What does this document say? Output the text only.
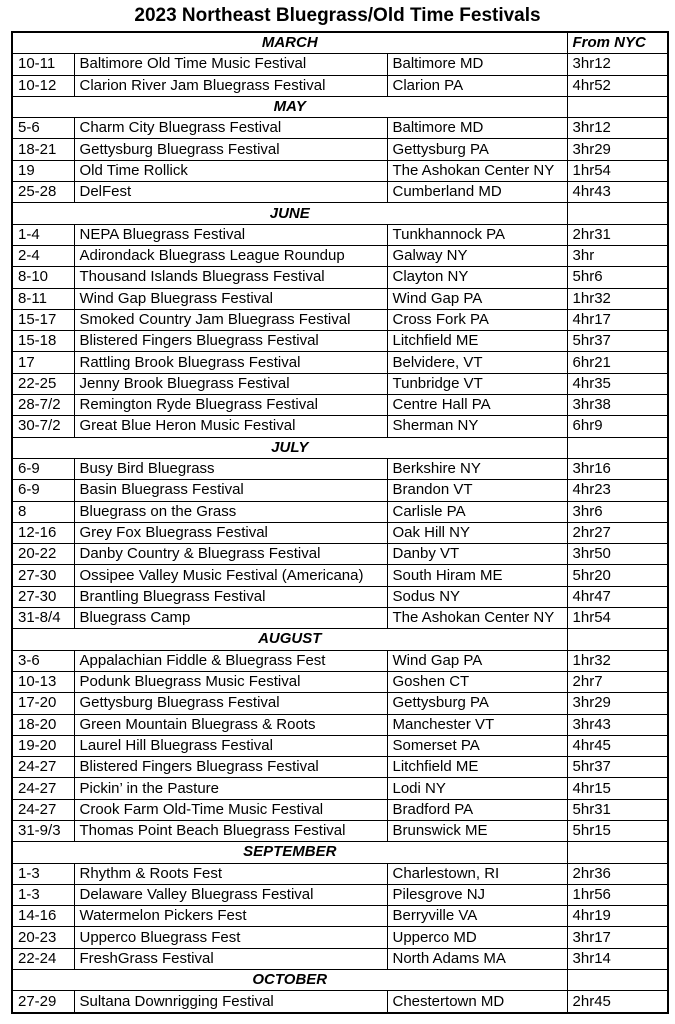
2023 Northeast Bluegrass/Old Time Festivals
MARCH			From NYC
10-11	Baltimore Old Time Music Festival	Baltimore MD	3hr12
10-12	Clarion River Jam Bluegrass Festival	Clarion PA	4hr52
MAY			
5-6	Charm City Bluegrass Festival	Baltimore MD	3hr12
18-21	Gettysburg Bluegrass Festival	Gettysburg PA	3hr29
19	Old Time Rollick	The Ashokan Center NY	1hr54
25-28	DelFest	Cumberland MD	4hr43
JUNE			
1-4	NEPA Bluegrass Festival	Tunkhannock PA	2hr31
2-4	Adirondack Bluegrass League Roundup	Galway NY	3hr
8-10	Thousand Islands Bluegrass Festival	Clayton NY	5hr6
8-11	Wind Gap Bluegrass Festival	Wind Gap PA	1hr32
15-17	Smoked Country Jam Bluegrass Festival	Cross Fork PA	4hr17
15-18	Blistered Fingers Bluegrass Festival	Litchfield ME	5hr37
17	Rattling Brook Bluegrass Festival	Belvidere, VT	6hr21
22-25	Jenny Brook Bluegrass Festival	Tunbridge VT	4hr35
28-7/2	Remington Ryde Bluegrass Festival	Centre Hall PA	3hr38
30-7/2	Great Blue Heron Music Festival	Sherman NY	6hr9
JULY			
6-9	Busy Bird Bluegrass	Berkshire NY	3hr16
6-9	Basin Bluegrass Festival	Brandon VT	4hr23
8	Bluegrass on the Grass	Carlisle PA	3hr6
12-16	Grey Fox Bluegrass Festival	Oak Hill NY	2hr27
20-22	Danby Country & Bluegrass Festival	Danby VT	3hr50
27-30	Ossipee Valley Music Festival (Americana)	South Hiram ME	5hr20
27-30	Brantling Bluegrass Festival	Sodus NY	4hr47
31-8/4	Bluegrass Camp	The Ashokan Center NY	1hr54
AUGUST			
3-6	Appalachian Fiddle & Bluegrass Fest	Wind Gap PA	1hr32
10-13	Podunk Bluegrass Music Festival	Goshen CT	2hr7
17-20	Gettysburg Bluegrass Festival	Gettysburg PA	3hr29
18-20	Green Mountain Bluegrass & Roots	Manchester VT	3hr43
19-20	Laurel Hill Bluegrass Festival	Somerset PA	4hr45
24-27	Blistered Fingers Bluegrass Festival	Litchfield ME	5hr37
24-27	Pickin’ in the Pasture	Lodi NY	4hr15
24-27	Crook Farm Old-Time Music Festival	Bradford PA	5hr31
31-9/3	Thomas Point Beach Bluegrass Festival	Brunswick ME	5hr15
SEPTEMBER			
1-3	Rhythm & Roots Fest	Charlestown, RI	2hr36
1-3	Delaware Valley Bluegrass Festival	Pilesgrove NJ	1hr56
14-16	Watermelon Pickers Fest	Berryville VA	4hr19
20-23	Upperco Bluegrass Fest	Upperco MD	3hr17
22-24	FreshGrass Festival	North Adams MA	3hr14
OCTOBER			
27-29	Sultana Downrigging Festival	Chestertown MD	2hr45
